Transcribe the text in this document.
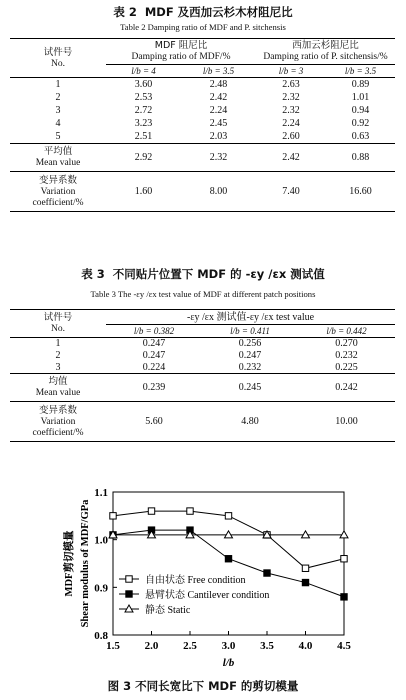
表 2 MDF 及西加云杉木材阻尼比
Table 2 Damping ratio of MDF and P. sitchensis
试件号
No.	MDF 阻尼比
Damping ratio of MDF/%		西加云杉阻尼比
Damping ratio of P. sitchensis/%	

	l/b = 4	l/b = 3.5	l/b = 3	l/b = 3.5
1	3.60	2.48	2.63	0.89
2	2.53	2.42	2.32	1.01
3	2.72	2.24	2.32	0.94
4	3.23	2.45	2.24	0.92
5	2.51	2.03	2.60	0.63

平均值
Mean value	2.92	2.32	2.42	0.88

变异系数
Variation
coefficient/%	1.60	8.00	7.40	16.60
表 3 不同贴片位置下 MDF 的 -εy /εx 测试值
Table 3 The -εy /εx test value of MDF at different patch positions
试件号
No.	-εy /εx 测试值-εy /εx test value		
	l/b = 0.382	l/b = 0.411	l/b = 0.442
1	0.247	0.256	0.270
2	0.247	0.247	0.232
3	0.224	0.232	0.225

均值
Mean value	0.239	0.245	0.242

变异系数
Variation
coefficient/%	5.60	4.80	10.00
1.5 2.0 2.5 3.0 3.5 4.0 4.5
0.8
0.9
1.0
1.1
l/b
MDF剪切模量 Shear modulus of MDF/GPa	自由状态 Free condition
悬臂状态 Cantilever condition
静态 Static
图 3 不同长宽比下 MDF 的剪切模量
